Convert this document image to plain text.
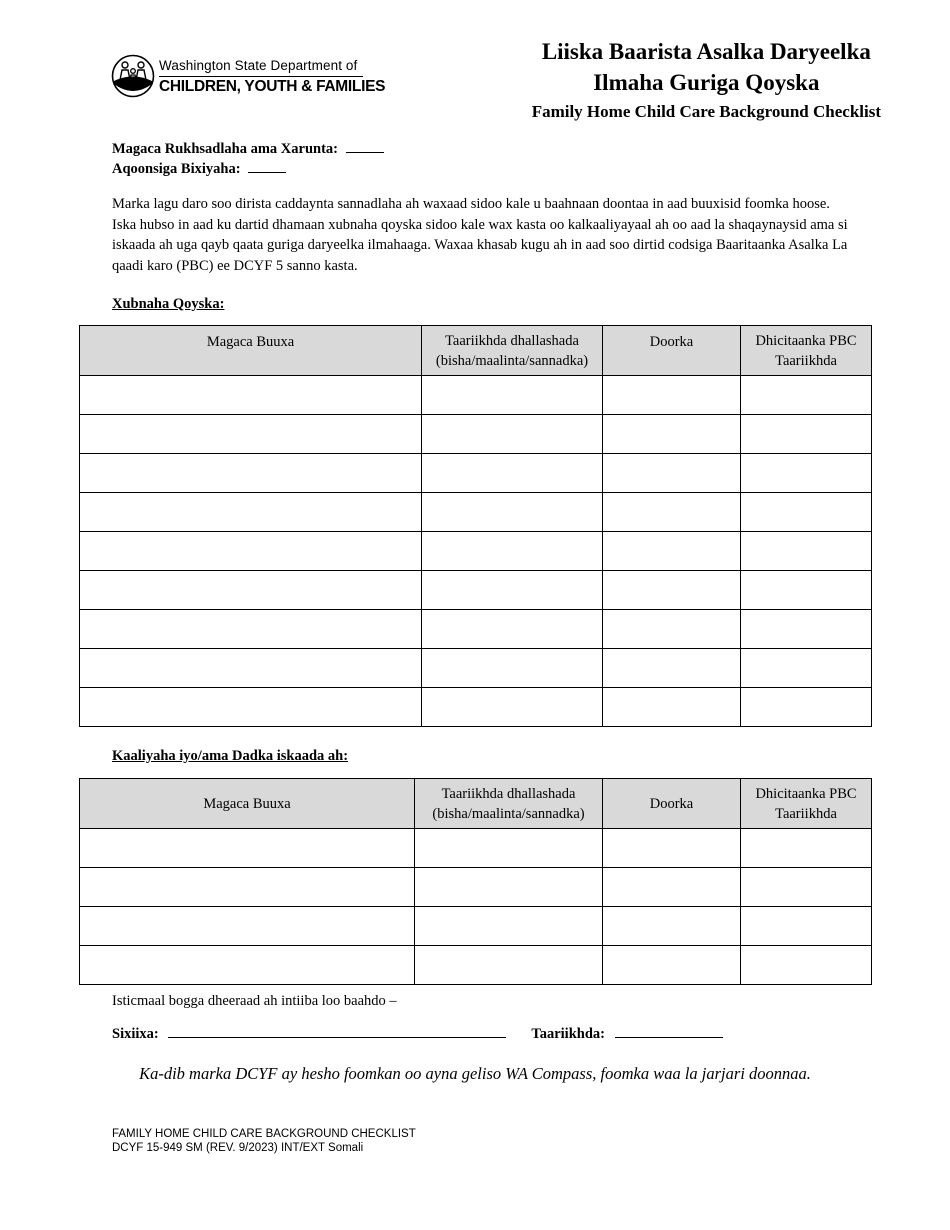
Washington State Department of
CHILDREN, YOUTH & FAMILIES
Liiska Baarista Asalka Daryeelka
Ilmaha Guriga Qoyska
Family Home Child Care Background Checklist
Magaca Rukhsadlaha ama Xarunta:
Aqoonsiga Bixiyaha:
Marka lagu daro soo dirista caddaynta sannadlaha ah waxaad sidoo kale u baahnaan doontaa in aad buuxisid foomka hoose. Iska hubso in aad ku dartid dhamaan xubnaha qoyska sidoo kale wax kasta oo kalkaaliyayaal ah oo aad la shaqaynaysid ama si iskaada ah uga qayb qaata guriga daryeelka ilmahaaga. Waxaa khasab kugu ah in aad soo dirtid codsiga Baaritaanka Asalka La qaadi karo (PBC) ee DCYF 5 sanno kasta.
Xubnaha Qoyska:
Magaca Buuxa	Taariikhda dhallashada (bisha/maalinta/sannadka)	Doorka	Dhicitaanka PBC Taariikhda

Kaaliyaha iyo/ama Dadka iskaada ah:
Magaca Buuxa	Taariikhda dhallashada (bisha/maalinta/sannadka)	Doorka	Dhicitaanka PBC Taariikhda

Isticmaal bogga dheeraad ah intiiba loo baahdo –
Sixiixa:	Taariikhda:
Ka-dib marka DCYF ay hesho foomkan oo ayna geliso WA Compass, foomka waa la jarjari doonnaa.
FAMILY HOME CHILD CARE BACKGROUND CHECKLIST
DCYF 15-949 SM (REV. 9/2023) INT/EXT Somali
